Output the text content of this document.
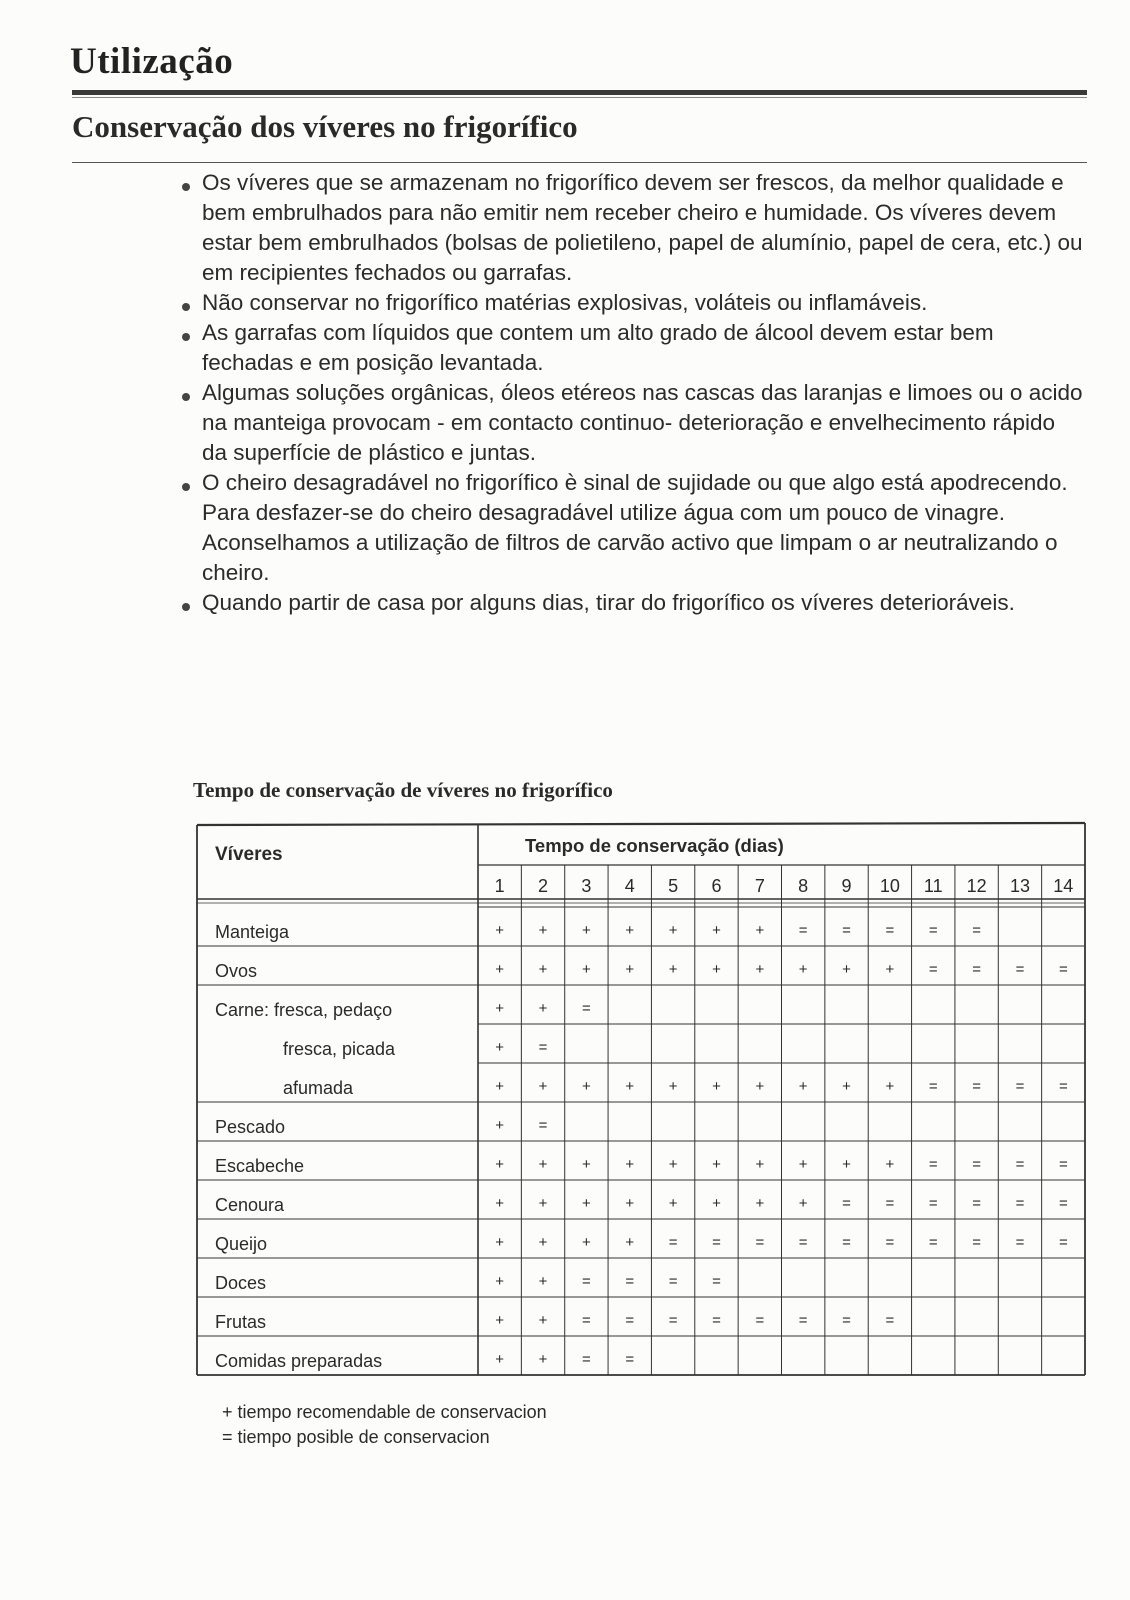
Utilização
Conservação dos víveres no frigorífico

Os víveres que se armazenam no frigorífico devem ser frescos, da melhor qualidade e bem embrulhados para não emitir nem receber cheiro e humidade. Os víveres devem estar bem embrulhados (bolsas de polietileno, papel de alumínio, papel de cera, etc.) ou em recipientes fechados ou garrafas.

Não conservar no frigorífico matérias explosivas, voláteis ou inflamáveis.

As garrafas com líquidos que contem um alto grado de álcool devem estar bem fechadas e em posição levantada.

Algumas soluções orgânicas, óleos etéreos nas cascas das laranjas e limoes ou o acido na manteiga provocam - em contacto continuo- deterioração e envelhecimento rápido da superfície de plástico e juntas.

O cheiro desagradável no frigorífico è sinal de sujidade ou que algo está apodrecendo.

Para desfazer-se do cheiro desagradável utilize água com um pouco de vinagre.

Aconselhamos a utilização de filtros de carvão activo que limpam o ar neutralizando o cheiro.

Quando partir de casa por alguns dias, tirar do frigorífico os víveres deterioráveis.

Tempo de conservação de víveres no frigorífico
Víveres	Tempo de conservação (dias)
1 2 3 4 5 6 7 8 9 10 11 12 13 14
Manteiga	+ + + + + + + = = = = =
Ovos	+ + + + + + + + + + = = = =
Carne: fresca, pedaço	+ + =
fresca, picada	+ =
afumada	+ + + + + + + + + + = = = =
Pescado	+ =
Escabeche	+ + + + + + + + + + = = = =
Cenoura	+ + + + + + + + = = = = = =
Queijo	+ + + + = = = = = = = = = =
Doces	+ + = = = =
Frutas	+ + = = = = = = = =
Comidas preparadas	+ + = =
+ tiempo recomendable de conservacion
= tiempo posible de conservacion
